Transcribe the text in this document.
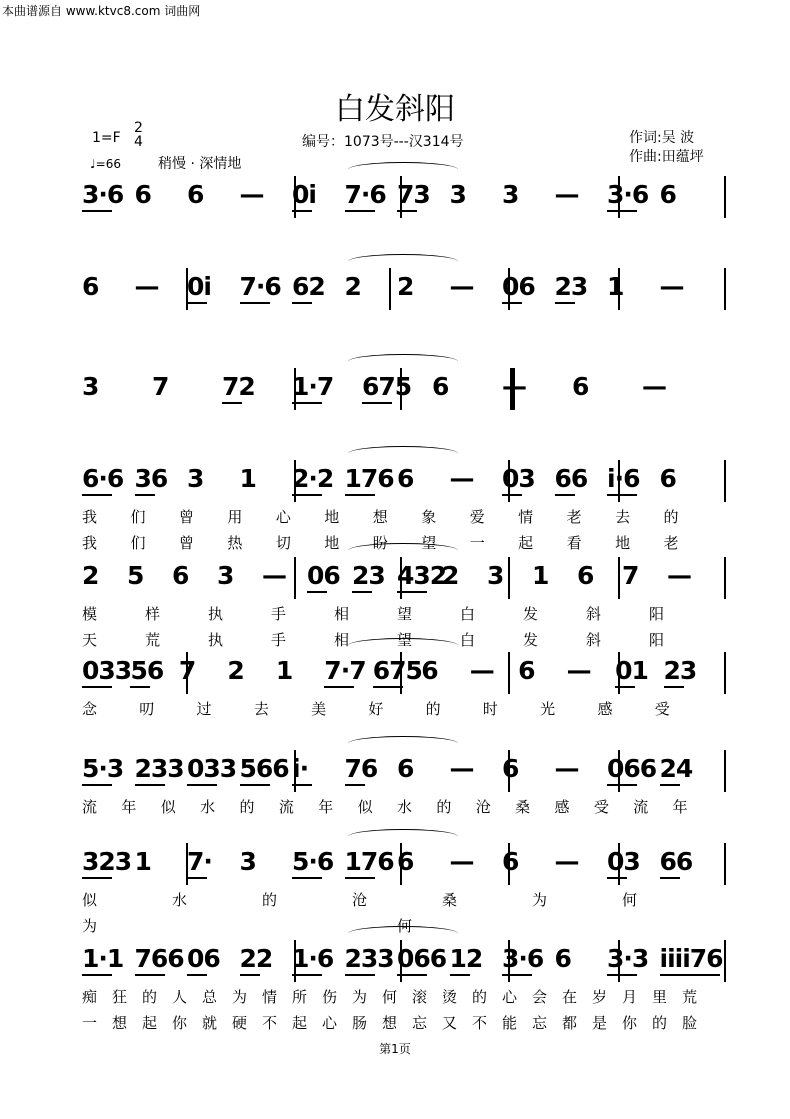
本曲谱源自 www.ktvc8.com 词曲网
白发斜阳
1=F
2
4
♩=66	稍慢 · 深情地
编号：1073号---汉314号	作词:吴 波
作曲:田蕴坪
3·6 6 6 — 0i 7·6 73 3 3 — 3·6 6
6 — 0i 7·6 62 2 2 — 06 23 1 —
3 7 72 1·7 675 6 — 6 —
6·6 36 3 1 2·2 176 6 — 03 66 i·6 6
我 们 曾 用 心 地 想 象 爱 情 老 去 的
我 们 曾 热 切 地 盼 望 一 起 看 地 老
2 5 6 3 — 06 23 432
2 3 1 6 7 —
模	样	执	手	相	望	白	发	斜	阳
天	荒	执	手	相	望	白	发	斜	阳
033 56 7 2 1 7·7 675 6 — 6 — 01 23
念	叨	过	去	美	好	的	时	光	感	受
5·3 233 033 566 i· 76 6 — 6 — 066 24
流 年 似 水 的 流 年 似 水 的 沧 桑 感 受 流 年
323 1 7· 3 5·6 176 6 — 6 — 03 66
似	水	的	沧	桑	为	何
为	何
1·1 766 06 22 1·6 233 066 12 3·6 6 3·3 iiii76
痴 狂 的 人 总 为 情 所 伤 为 何 滚 烫 的 心 会 在 岁 月 里 荒
一 想 起 你 就 硬 不 起 心 肠 想 忘 又 不 能 忘 都 是 你 的 脸
第1页
